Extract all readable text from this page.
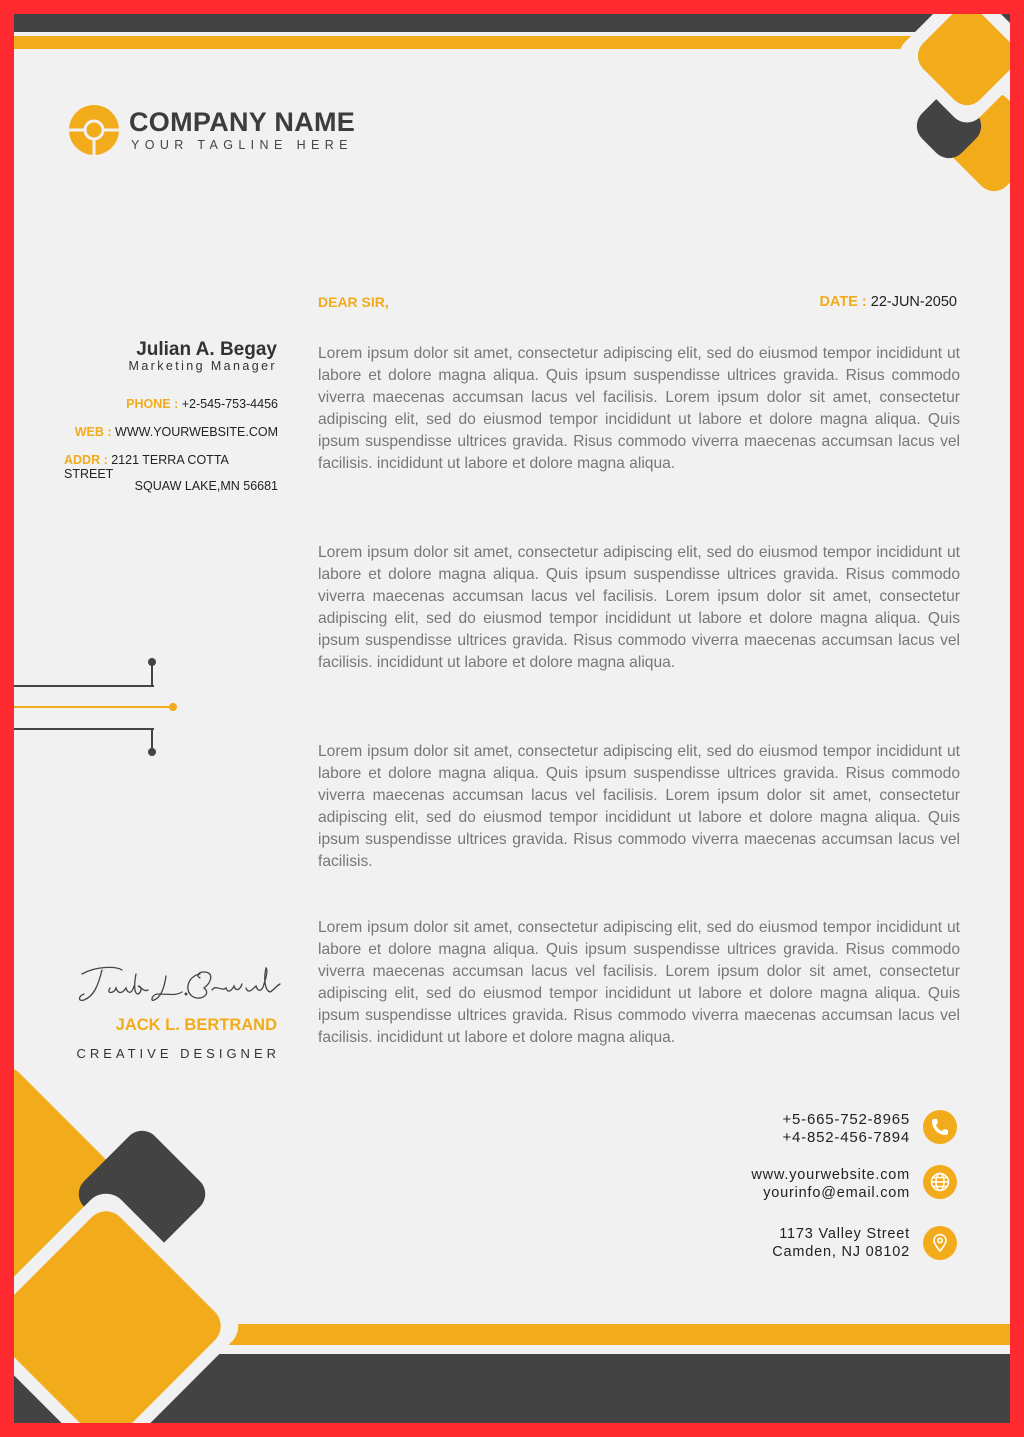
COMPANY NAME
YOUR TAGLINE HERE
Julian A. Begay
Marketing Manager
PHONE : +2-545-753-4456
WEB : WWW.YOURWEBSITE.COM
ADDR : 2121 TERRA COTTA STREET
SQUAW LAKE,MN 56681
DEAR SIR,	DATE : 22-JUN-2050
Lorem ipsum dolor sit amet, consectetur adipiscing elit, sed do eiusmod tempor incididunt ut labore et dolore magna aliqua. Quis ipsum suspendisse ultrices gravida. Risus commodo viverra maecenas accumsan lacus vel facilisis. Lorem ipsum dolor sit amet, consectetur adipiscing elit, sed do eiusmod tempor incididunt ut labore et dolore magna aliqua. Quis ipsum suspendisse ultrices gravida. Risus commodo viverra maecenas accumsan lacus vel facilisis. incididunt ut labore et dolore magna aliqua.
Lorem ipsum dolor sit amet, consectetur adipiscing elit, sed do eiusmod tempor incididunt ut labore et dolore magna aliqua. Quis ipsum suspendisse ultrices gravida. Risus commodo viverra maecenas accumsan lacus vel facilisis. Lorem ipsum dolor sit amet, consectetur adipiscing elit, sed do eiusmod tempor incididunt ut labore et dolore magna aliqua. Quis ipsum suspendisse ultrices gravida. Risus commodo viverra maecenas accumsan lacus vel facilisis. incididunt ut labore et dolore magna aliqua.
Lorem ipsum dolor sit amet, consectetur adipiscing elit, sed do eiusmod tempor incididunt ut labore et dolore magna aliqua. Quis ipsum suspendisse ultrices gravida. Risus commodo viverra maecenas accumsan lacus vel facilisis. Lorem ipsum dolor sit amet, consectetur adipiscing elit, sed do eiusmod tempor incididunt ut labore et dolore magna aliqua. Quis ipsum suspendisse ultrices gravida. Risus commodo viverra maecenas accumsan lacus vel facilisis.
Lorem ipsum dolor sit amet, consectetur adipiscing elit, sed do eiusmod tempor incididunt ut labore et dolore magna aliqua. Quis ipsum suspendisse ultrices gravida. Risus commodo viverra maecenas accumsan lacus vel facilisis. Lorem ipsum dolor sit amet, consectetur adipiscing elit, sed do eiusmod tempor incididunt ut labore et dolore magna aliqua. Quis ipsum suspendisse ultrices gravida. Risus commodo viverra maecenas accumsan lacus vel facilisis. incididunt ut labore et dolore magna aliqua.
JACK L. BERTRAND
CREATIVE DESIGNER
+5-665-752-8965
+4-852-456-7894
www.yourwebsite.com
yourinfo@email.com
1173 Valley Street
Camden, NJ 08102
